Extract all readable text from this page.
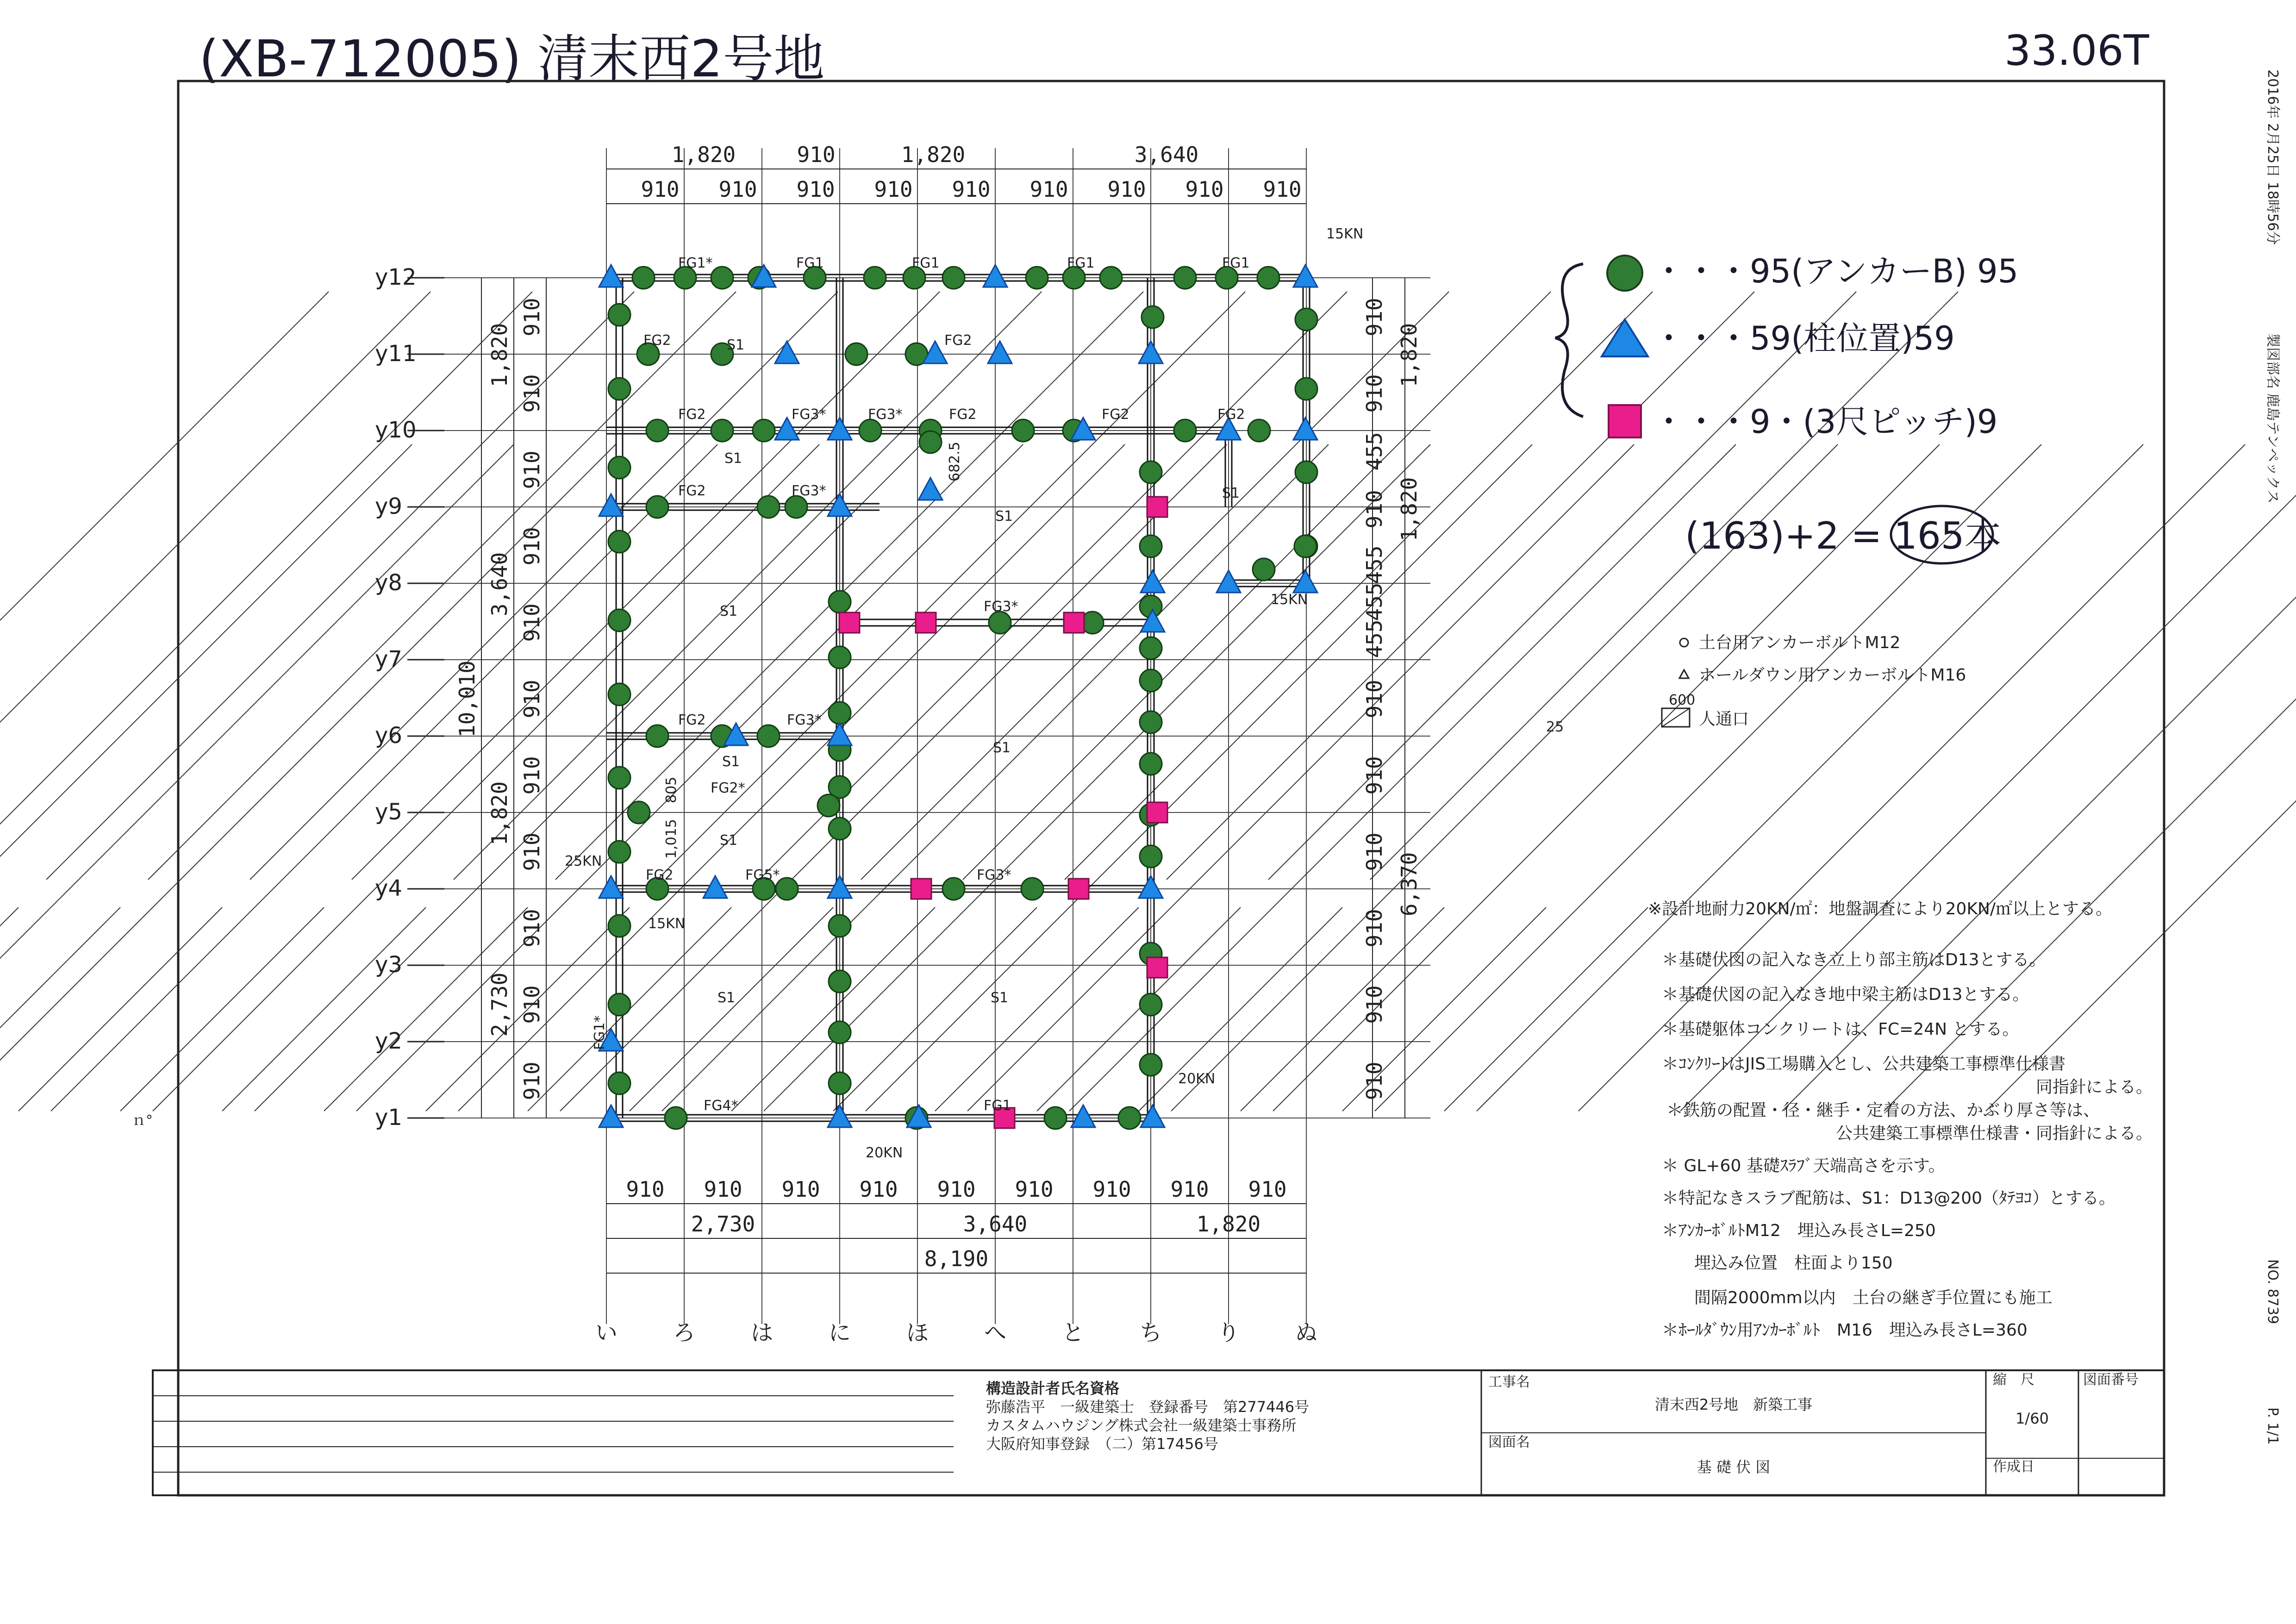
(XB-712005) 清末西2号地	33.06T
2016年 2月25日 18時56分
製図部名 鹿島テンペックス
NO. 8739
P. 1/1
y12
y11
y10
y9
y8
y7
y6
y5
y4
y3
y2
y1
い ろ は に ほ へ と ち り ぬ
1,820	910	1,820	3,640
910 910 910 910 910 910 910 910 910
910 910 910 910 910 910 910 910 910
2,730	3,640	1,820
8,190
910
910
910
910
910
910
910
910
910
910
910
1,820
3,640
1,820
2,730
10,010
910
910
455
910
455
455
455
910
910
910
910
910
910
1,820
1,820
6,370
FG1*	FG1	FG1	FG1	FG1
FG2	FG2
FG2	FG2	FG2
FG3*	FG3*
FG2	FG3*
FG2
FG3*
FG3*
FG2
FG2*
FG5*	FG3*
FG4*	FG1
FG1*
FG2
S1
S1
S1
S1
S1
S1
S1
S1
S1	S1
15KN
15KN
25KN
15KN
20KN
20KN
682.5
805
1,015
・・・95(アンカーB) 95
・・・59(柱位置)59
・・・9・(3尺ピッチ)9
(163)+2 = 165本
土台用アンカーボルトM12
ホールダウン用アンカーボルトM16
600
人通口
25
※設計地耐力20KN/㎡：地盤調査により20KN/㎡以上とする。
＊基礎伏図の記入なき立上り部主筋はD13とする。
＊基礎伏図の記入なき地中梁主筋はD13とする。
＊基礎躯体コンクリートは、FC=24N とする。
＊ｺﾝｸﾘｰﾄはJIS工場購入とし、公共建築工事標準仕様書
同指針による。
＊鉄筋の配置・径・継手・定着の方法、かぶり厚さ等は、
公共建築工事標準仕様書・同指針による。
＊ GL+60 基礎ｽﾗﾌﾞ天端高さを示す。
＊特記なきスラブ配筋は、S1：D13@200（ﾀﾃﾖｺ）とする。
＊ｱﾝｶｰﾎﾞﾙﾄM12　埋込み長さL=250
埋込み位置　柱面より150
間隔2000mm以内　土台の継ぎ手位置にも施工
＊ﾎｰﾙﾀﾞｳﾝ用ｱﾝｶｰﾎﾞﾙﾄ　M16　埋込み長さL=360
ｎ°
構造設計者氏名資格
弥藤浩平　一級建築士　登録番号　第277446号
カスタムハウジング株式会社一級建築士事務所
大阪府知事登録　（二）第17456号
工事名
清末西2号地　新築工事
図面名
基 礎 伏 図
縮　尺
1/60
図面番号
作成日
